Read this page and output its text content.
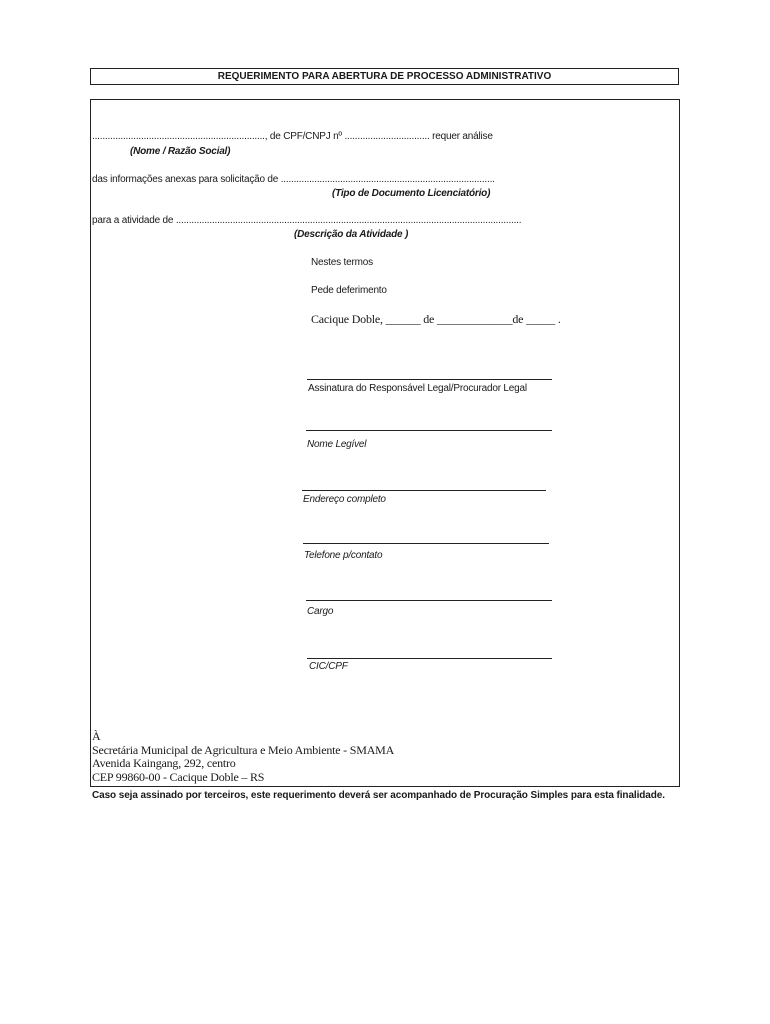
REQUERIMENTO PARA ABERTURA DE PROCESSO ADMINISTRATIVO
..................................................................., de CPF/CNPJ nº ................................. requer análise
(Nome / Razão Social)
das informações anexas para solicitação de ...................................................................................
(Tipo de Documento Licenciatório)
para a atividade de ......................................................................................................................................
(Descrição da Atividade )
Nestes termos
Pede deferimento
Cacique Doble, ______ de _____________de _____ .
Assinatura do Responsável Legal/Procurador Legal
Nome Legível
Endereço completo
Telefone p/contato
Cargo
CIC/CPF
À
Secretária Municipal de Agricultura e Meio Ambiente - SMAMA
Avenida Kaingang, 292, centro
CEP 99860-00 - Cacique Doble – RS
Caso seja assinado por terceiros, este requerimento deverá ser acompanhado de Procuração Simples para esta finalidade.
